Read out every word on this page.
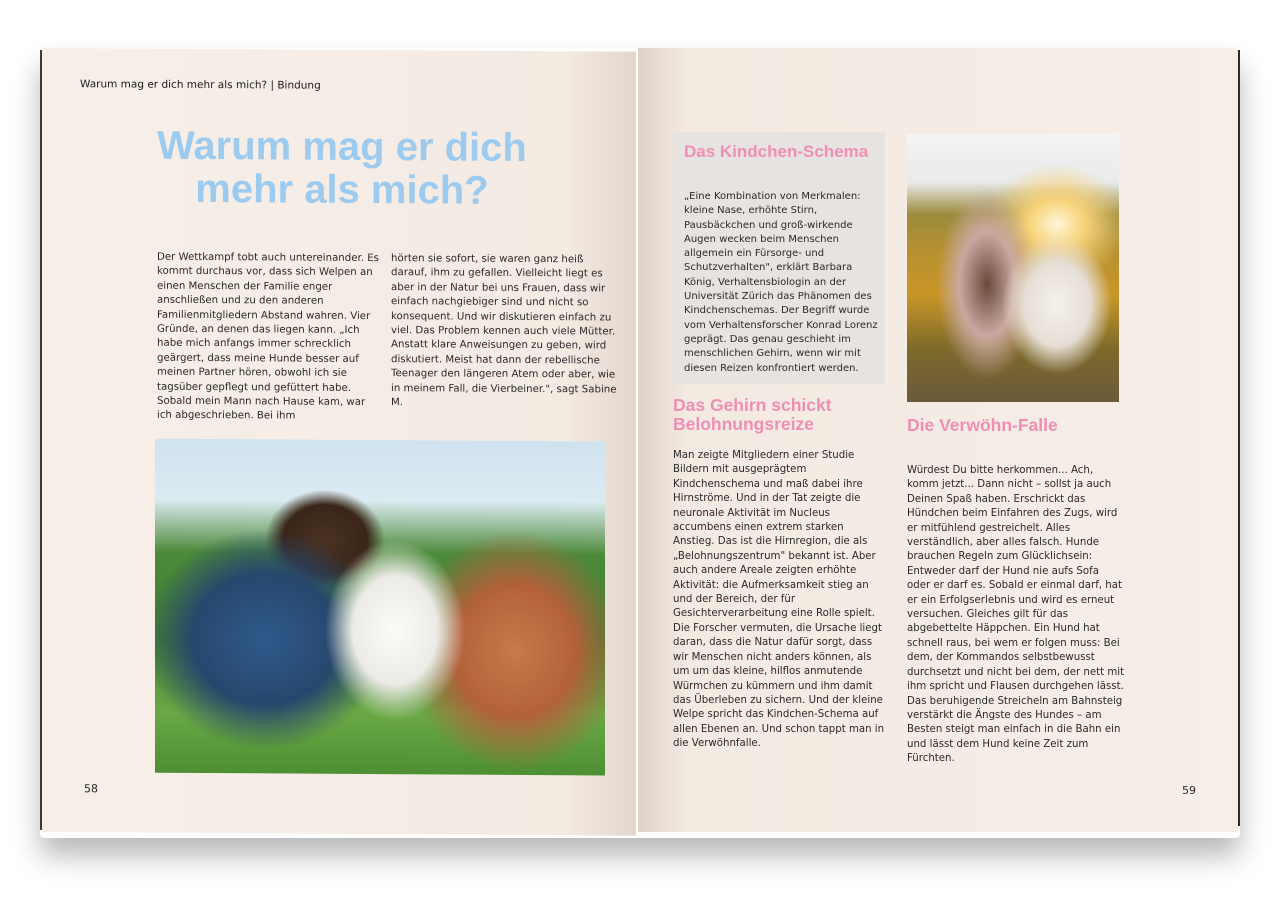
Warum mag er dich mehr als mich? | Bindung
Warum mag er dich mehr als mich?

Der Wettkampf tobt auch untereinander. Es kommt durchaus vor, dass sich Welpen an einen Menschen der Familie enger anschließen und zu den anderen Familienmitgliedern Abstand wahren. Vier Gründe, an denen das liegen kann. „Ich habe mich anfangs immer schrecklich geärgert, dass meine Hunde besser auf meinen Partner hören, obwohl ich sie tagsüber gepflegt und gefüttert habe. Sobald mein Mann nach Hause kam, war ich abgeschrieben. Bei ihm

hörten sie sofort, sie waren ganz heiß darauf, ihm zu gefallen. Vielleicht liegt es aber in der Natur bei uns Frauen, dass wir einfach nachgiebiger sind und nicht so konsequent. Und wir diskutieren einfach zu viel. Das Problem kennen auch viele Mütter. Anstatt klare Anweisungen zu geben, wird diskutiert. Meist hat dann der rebellische Teenager den längeren Atem oder aber, wie in meinem Fall, die Vierbeiner.", sagt Sabine M.

58
Das Kindchen-Schema

„Eine Kombination von Merkmalen: kleine Nase, erhöhte Stirn, Pausbäckchen und groß-wirkende Augen wecken beim Menschen allgemein ein Fürsorge- und Schutzverhalten", erklärt Barbara König, Verhaltensbiologin an der Universität Zürich das Phänomen des Kindchenschemas. Der Begriff wurde vom Verhaltensforscher Konrad Lorenz geprägt. Das genau geschieht im menschlichen Gehirn, wenn wir mit diesen Reizen konfrontiert werden.

Das Gehirn schickt Belohnungsreize

Man zeigte Mitgliedern einer Studie Bildern mit ausgeprägtem Kindchenschema und maß dabei ihre Hirnströme. Und in der Tat zeigte die neuronale Aktivität im Nucleus accumbens einen extrem starken Anstieg. Das ist die Hirnregion, die als „Belohnungszentrum" bekannt ist. Aber auch andere Areale zeigten erhöhte Aktivität: die Aufmerksamkeit stieg an und der Bereich, der für Gesichterverarbeitung eine Rolle spielt. Die Forscher vermuten, die Ursache liegt daran, dass die Natur dafür sorgt, dass wir Menschen nicht anders können, als um um das kleine, hilflos anmutende Würmchen zu kümmern und ihm damit das Überleben zu sichern. Und der kleine Welpe spricht das Kindchen-Schema auf allen Ebenen an. Und schon tappt man in die Verwöhnfalle.

Die Verwöhn-Falle

Würdest Du bitte herkommen... Ach, komm jetzt... Dann nicht – sollst ja auch Deinen Spaß haben. Erschrickt das Hündchen beim Einfahren des Zugs, wird er mitfühlend gestreichelt. Alles verständlich, aber alles falsch. Hunde brauchen Regeln zum Glücklichsein: Entweder darf der Hund nie aufs Sofa oder er darf es. Sobald er einmal darf, hat er ein Erfolgserlebnis und wird es erneut versuchen. Gleiches gilt für das abgebettelte Häppchen. Ein Hund hat schnell raus, bei wem er folgen muss: Bei dem, der Kommandos selbstbewusst durchsetzt und nicht bei dem, der nett mit ihm spricht und Flausen durchgehen lässt. Das beruhigende Streicheln am Bahnsteig verstärkt die Ängste des Hundes – am Besten steigt man einfach in die Bahn ein und lässt dem Hund keine Zeit zum Fürchten.

59
